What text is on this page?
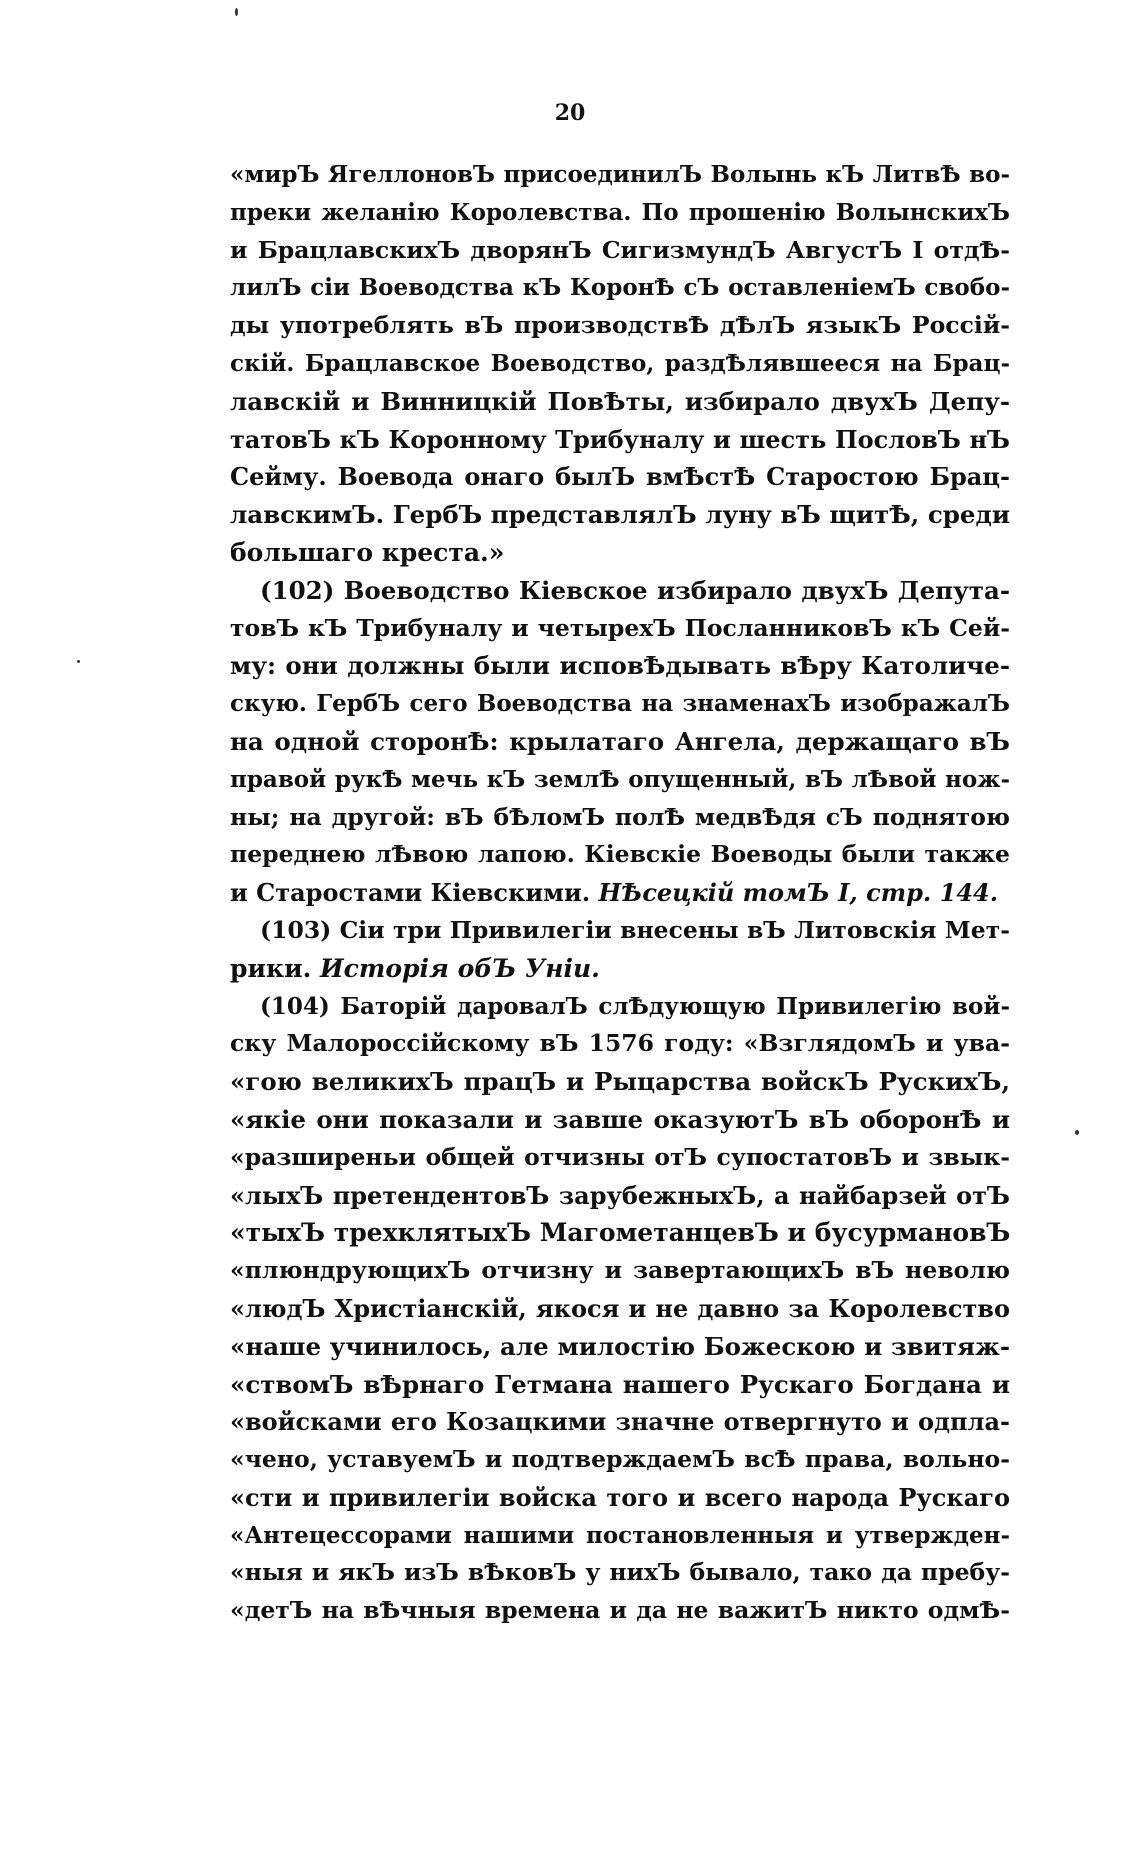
20

«мирЪ ЯгеллоновЪ присоединилЪ Волынь кЪ ЛитвѢ во-
преки желанію Королевства. По прошенію ВолынскихЪ
и БрацлавскихЪ дворянЪ СигизмундЪ АвгустЪ I отдѢ-
лилЪ сіи Воеводства кЪ КоронѢ сЪ оставленіемЪ свобо-
ды употреблять вЪ производствѢ дѢлЪ языкЪ Россій-
скій. Брацлавское Воеводство, раздѢлявшееся на Брац-
лавскій и Винницкій ПовѢты, избирало двухЪ Депу-
татовЪ кЪ Коронному Трибуналу и шесть ПословЪ нЪ
Сейму. Воевода онаго былЪ вмѢстѢ Старостою Брац-
лавскимЪ. ГербЪ представлялЪ луну вЪ щитѢ, среди
большаго креста.»
(102) Воеводство Кіевское избирало двухЪ Депута-
товЪ кЪ Трибуналу и четырехЪ ПосланниковЪ кЪ Сей-
му: они должны были исповѢдывать вѢру Католиче-
скую. ГербЪ сего Воеводства на знаменахЪ изображалЪ
на одной сторонѢ: крылатаго Ангела, держащаго вЪ
правой рукѢ мечь кЪ землѢ опущенный, вЪ лѢвой нож-
ны; на другой: вЪ бѢломЪ полѢ медвѢдя сЪ поднятою
переднею лѢвою лапою. Кіевскіе Воеводы были также
и Старостами Кіевскими. НѢсецкій томЪ I, стр. 144.
(103) Сіи три Привилегіи внесены вЪ Литовскія Мет-
рики. Исторія обЪ Уніи.
(104) Баторій даровалЪ слѢдующую Привилегію вой-
ску Малороссійскому вЪ 1576 году: «ВзглядомЪ и ува-
«гою великихЪ працЪ и Рыцарства войскЪ РускихЪ,
«якіе они показали и завше оказуютЪ вЪ оборонѢ и
«разширеньи общей отчизны отЪ супостатовЪ и звык-
«лыхЪ претендентовЪ зарубежныхЪ, а найбарзей отЪ
«тыхЪ трехклятыхЪ МагометанцевЪ и бусурмановЪ
«плюндрующихЪ отчизну и завертающихЪ вЪ неволю
«людЪ Христіанскій, якося и не давно за Королевство
«наше учинилось, але милостію Божескою и звитяж-
«ствомЪ вѢрнаго Гетмана нашего Рускаго Богдана и
«войсками его Козацкими значне отвергнуто и одпла-
«чено, уставуемЪ и подтверждаемЪ всѢ права, вольно-
«сти и привилегіи войска того и всего народа Рускаго
«Антецессорами нашими постановленныя и утвержден-
«ныя и якЪ изЪ вѢковЪ у нихЪ бывало, тако да пребу-
«детЪ на вѢчныя времена и да не важитЪ никто одмѢ-
